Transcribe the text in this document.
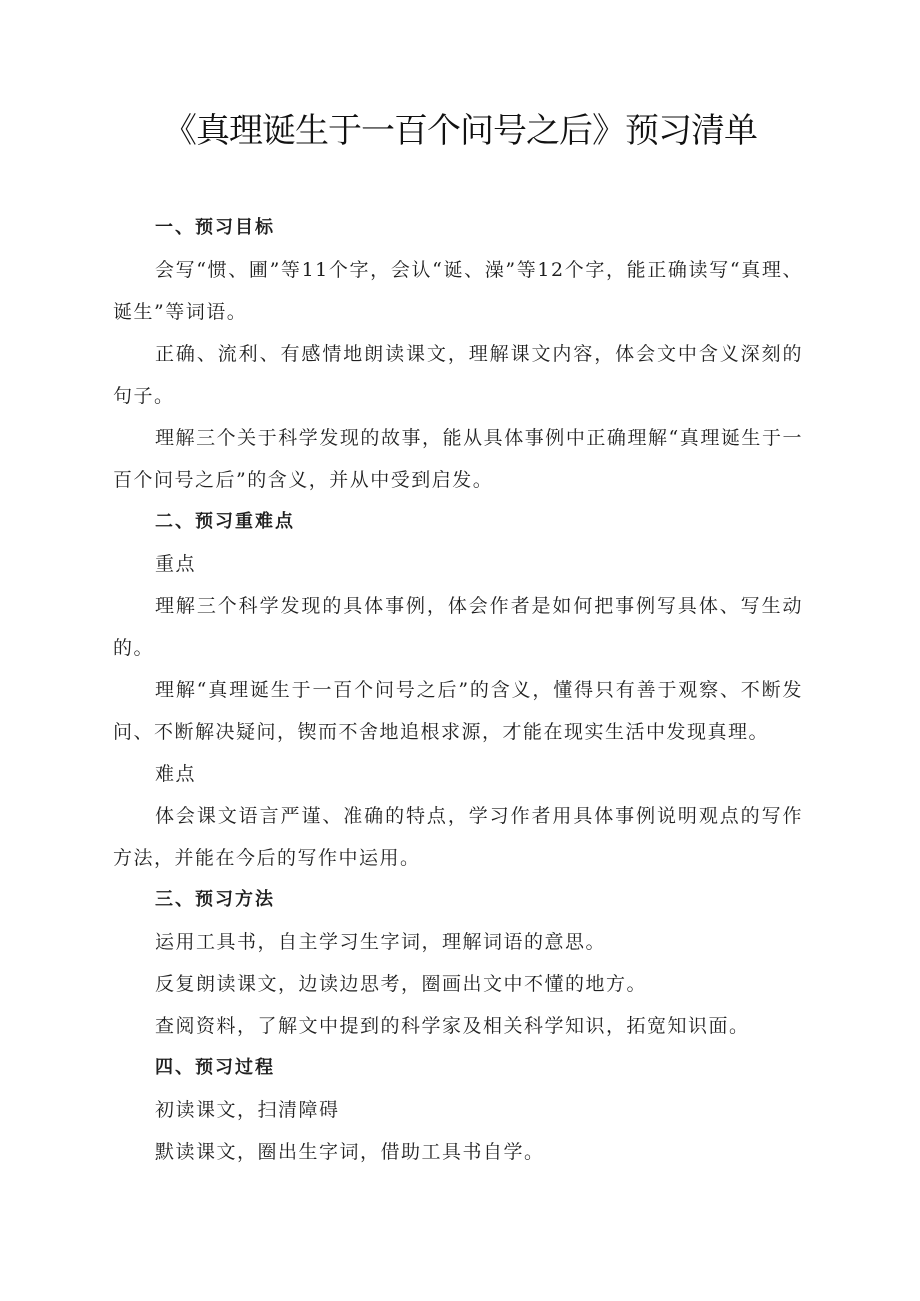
《真理诞生于一百个问号之后》预习清单

一、预习目标

会写“惯、圃”等11个字，会认“诞、澡”等12个字，能正确读写“真理、诞生”等词语。

正确、流利、有感情地朗读课文，理解课文内容，体会文中含义深刻的句子。

理解三个关于科学发现的故事，能从具体事例中正确理解“真理诞生于一百个问号之后”的含义，并从中受到启发。

二、预习重难点

重点

理解三个科学发现的具体事例，体会作者是如何把事例写具体、写生动的。

理解“真理诞生于一百个问号之后”的含义，懂得只有善于观察、不断发问、不断解决疑问，锲而不舍地追根求源，才能在现实生活中发现真理。

难点

体会课文语言严谨、准确的特点，学习作者用具体事例说明观点的写作方法，并能在今后的写作中运用。

三、预习方法

运用工具书，自主学习生字词，理解词语的意思。

反复朗读课文，边读边思考，圈画出文中不懂的地方。

查阅资料，了解文中提到的科学家及相关科学知识，拓宽知识面。

四、预习过程

初读课文，扫清障碍

默读课文，圈出生字词，借助工具书自学。
